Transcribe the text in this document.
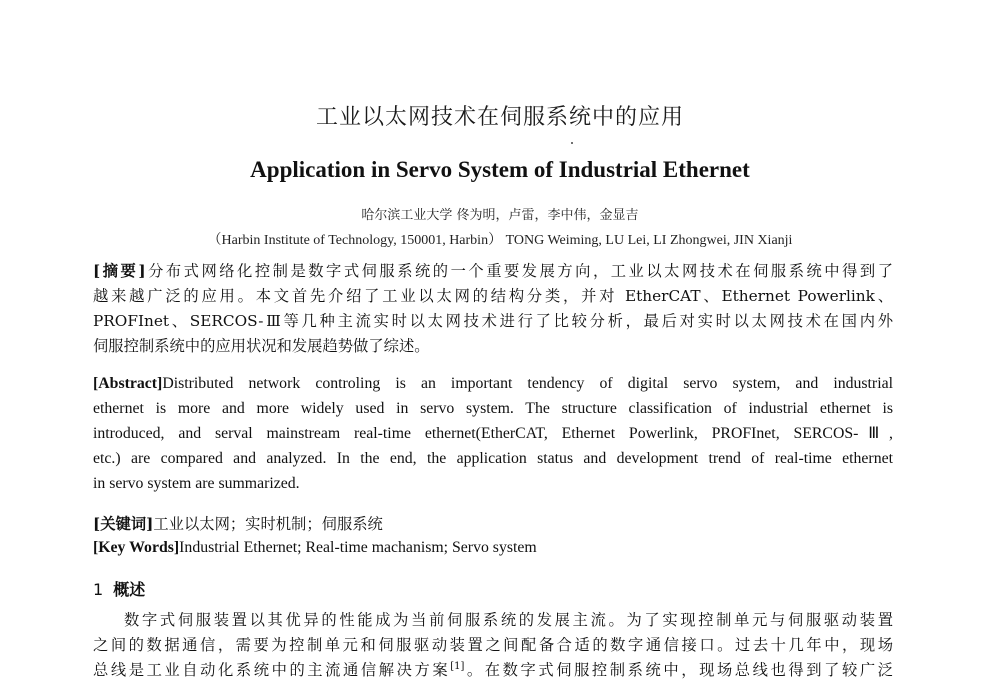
工业以太网技术在伺服系统中的应用
Application in Servo System of Industrial Ethernet
哈尔滨工业大学 佟为明，卢雷，李中伟，金显吉
（Harbin Institute of Technology, 150001, Harbin） TONG Weiming, LU Lei, LI Zhongwei, JIN Xianji
[摘要]分布式网络化控制是数字式伺服系统的一个重要发展方向，工业以太网技术在伺服系统中得到了
越来越广泛的应用。本文首先介绍了工业以太网的结构分类，并对 EtherCAT、Ethernet Powerlink、
PROFInet、SERCOS-Ⅲ等几种主流实时以太网技术进行了比较分析，最后对实时以太网技术在国内外
伺服控制系统中的应用状况和发展趋势做了综述。
[Abstract]Distributed network controling is an important tendency of digital servo system, and industrial
ethernet is more and more widely used in servo system. The structure classification of industrial ethernet is
introduced, and serval mainstream real-time ethernet(EtherCAT, Ethernet Powerlink, PROFInet, SERCOS-Ⅲ,
etc.) are compared and analyzed. In the end, the application status and development trend of real-time ethernet
in servo system are summarized.
[关键词]工业以太网；实时机制；伺服系统
[Key Words]Industrial Ethernet; Real-time machanism; Servo system
1 概述
数字式伺服装置以其优异的性能成为当前伺服系统的发展主流。为了实现控制单元与伺服驱动装置
之间的数据通信，需要为控制单元和伺服驱动装置之间配备合适的数字通信接口。过去十几年中，现场
总线是工业自动化系统中的主流通信解决方案[1]。在数字式伺服控制系统中，现场总线也得到了较广泛
